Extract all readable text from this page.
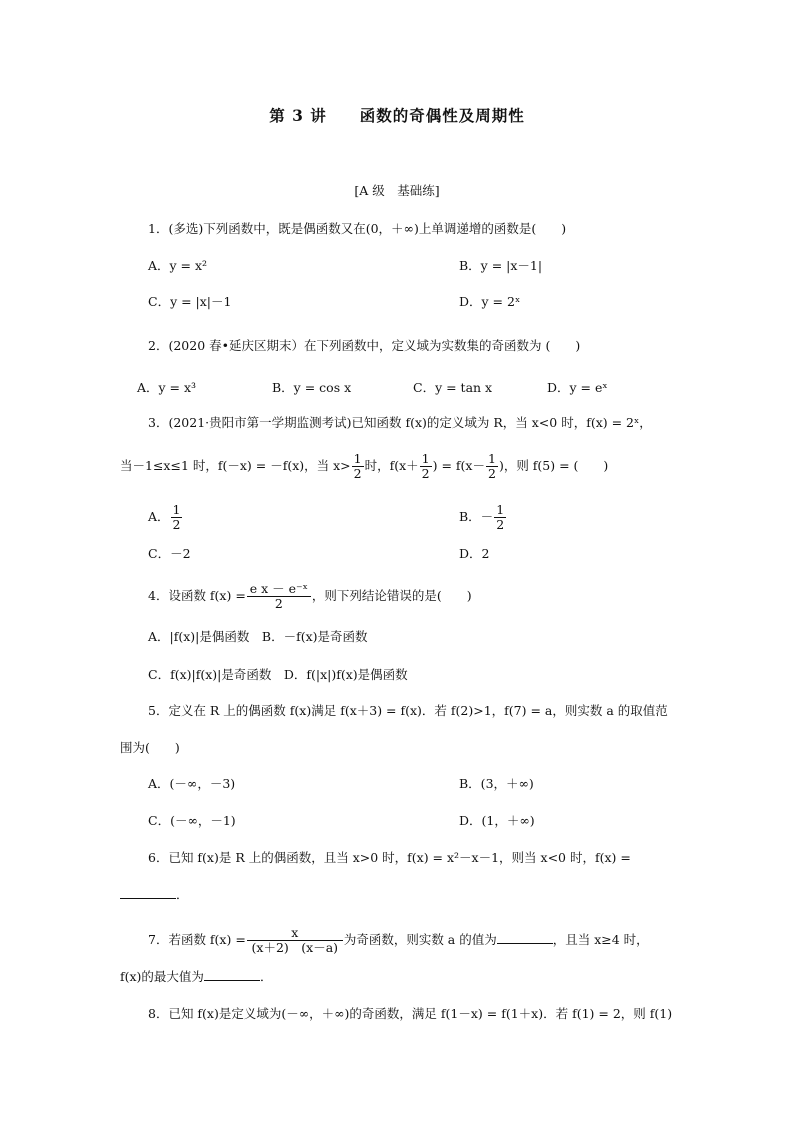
第 3 讲　　函数的奇偶性及周期性
[A 级　基础练]
1．(多选)下列函数中，既是偶函数又在(0，＋∞)上单调递增的函数是(　　)
A．y = x²	B．y = |x－1|
C．y = |x|－1	D．y = 2ˣ
2．(2020 春•延庆区期末）在下列函数中，定义域为实数集的奇函数为 (　　)
A．y = x³	B．y = cos x	C．y = tan x	D．y = eˣ
3．(2021·贵阳市第一学期监测考试)已知函数 f(x)的定义域为 R，当 x<0 时，f(x) = 2ˣ，
当－1≤x≤1 时，f(－x) = －f(x)，当 $x> \frac{1}{2}$ 时，$f(x+ \frac{1}{2}$ ) = $f(x- \frac{1}{2}$ )，则 f(5) = (　　)
A． $\frac{1}{2}$	B．－ $\frac{1}{2}$
C．－2	D．2
4．设函数 $f(x) = \frac{\text{e x － e⁻ˣ}}{2}$ ，则下列结论错误的是(　　)
A．|f(x)|是偶函数　B．－f(x)是奇函数
C．f(x)|f(x)|是奇函数　D．f(|x|)f(x)是偶函数
5．定义在 R 上的偶函数 f(x)满足 f(x＋3) = f(x)．若 f(2)>1，f(7) = a，则实数 a 的取值范
围为(　　)
A．(－∞，－3)	B．(3，＋∞)
C．(－∞，－1)	D．(1，＋∞)
6．已知 f(x)是 R 上的偶函数，且当 x>0 时，f(x) = x²－x－1，则当 x<0 时，f(x) =
．
7．若函数 $f(x) = \frac{x}{(x+2) (x-a)}$ 为奇函数，则实数 a 的值为	，且当 x≥4 时，
f(x)的最大值为	．
8．已知 f(x)是定义域为(－∞，＋∞)的奇函数，满足 f(1－x) = f(1＋x)．若 f(1) = 2，则 f(1)
